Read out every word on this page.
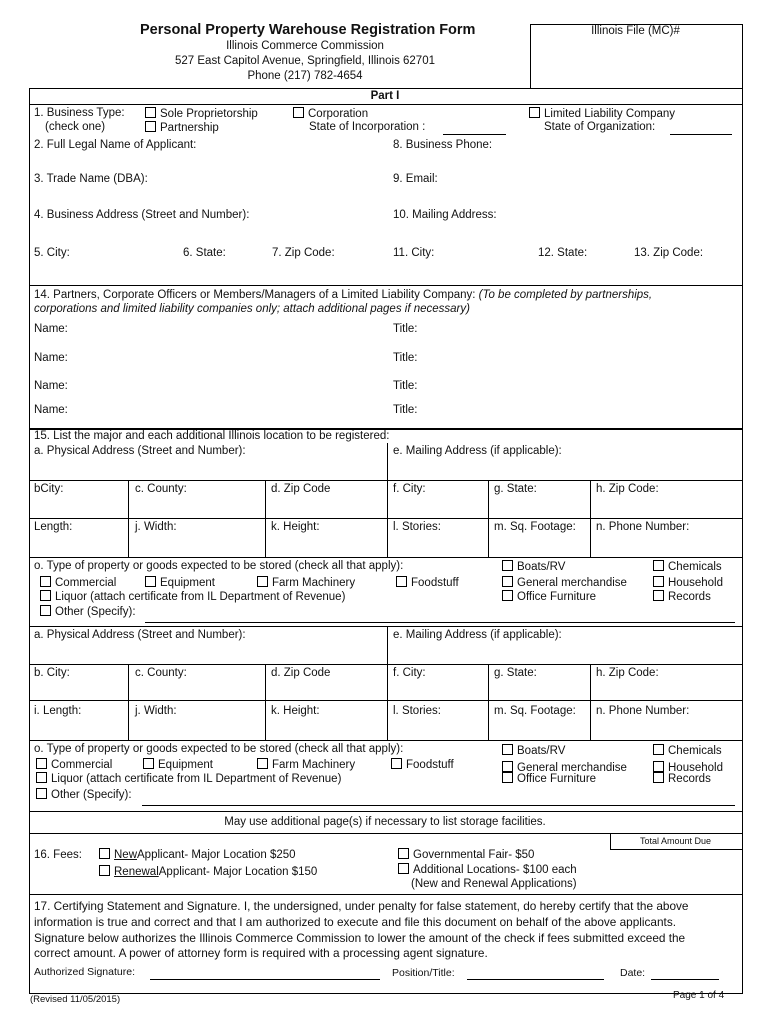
Personal Property Warehouse Registration Form
Illinois Commerce Commission
527 East Capitol Avenue, Springfield, Illinois 62701
Phone (217) 782-4654
Illinois File (MC)#
Part I
1. Business Type:
(check one)
Sole Proprietorship
Partnership
Corporation
State of Incorporation :
Limited Liability Company
State of Organization:
2. Full Legal Name of Applicant:	8. Business Phone:
3. Trade Name (DBA):	9. Email:
4. Business Address (Street and Number):	10. Mailing Address:
5. City:	6. State:	7. Zip Code:	11. City:	12. State:	13. Zip Code:
14. Partners, Corporate Officers or Members/Managers of a Limited Liability Company: (To be completed by partnerships,
corporations and limited liability companies only; attach additional pages if necessary)
Name:	Title:
Name:	Title:
Name:	Title:
Name:	Title:
15. List the major and each additional Illinois location to be registered:
a. Physical Address (Street and Number):	e. Mailing Address (if applicable):
bCity:	c. County:	d. Zip Code	f. City:	g. State:	h. Zip Code:
Length:	j. Width:	k. Height:	l. Stories:	m. Sq. Footage: n. Phone Number:
o. Type of property or goods expected to be stored (check all that apply):	Boats/RV	Chemicals
Commercial	Equipment	Farm Machinery	Foodstuff	General merchandise	Household
Liquor (attach certificate from IL Department of Revenue)	Office Furniture	Records
Other (Specify):
a. Physical Address (Street and Number):	e. Mailing Address (if applicable):
b. City:	c. County:	d. Zip Code	f. City:	g. State:	h. Zip Code:
i. Length:	j. Width:	k. Height:	l. Stories:	m. Sq. Footage: n. Phone Number:
o. Type of property or goods expected to be stored (check all that apply):	Boats/RV	Chemicals
Commercial	Equipment	Farm Machinery	Foodstuff	General merchandise	Household
Liquor (attach certificate from IL Department of Revenue)	Office Furniture	Records
Other (Specify):
May use additional page(s) if necessary to list storage facilities.
Total Amount Due
16. Fees:	NewApplicant- Major Location $250
RenewalApplicant- Major Location $150
Governmental Fair- $50
Additional Locations- $100 each
(New and Renewal Applications)
17. Certifying Statement and Signature. I, the undersigned, under penalty for false statement, do hereby certify that the above
information is true and correct and that I am authorized to execute and file this document on behalf of the above applicants.
Signature below authorizes the Illinois Commerce Commission to lower the amount of the check if fees submitted exceed the
correct amount. A power of attorney form is required with a processing agent signature.
Authorized Signature:	Position/Title:	Date:
(Revised 11/05/2015)	Page 1 of 4
